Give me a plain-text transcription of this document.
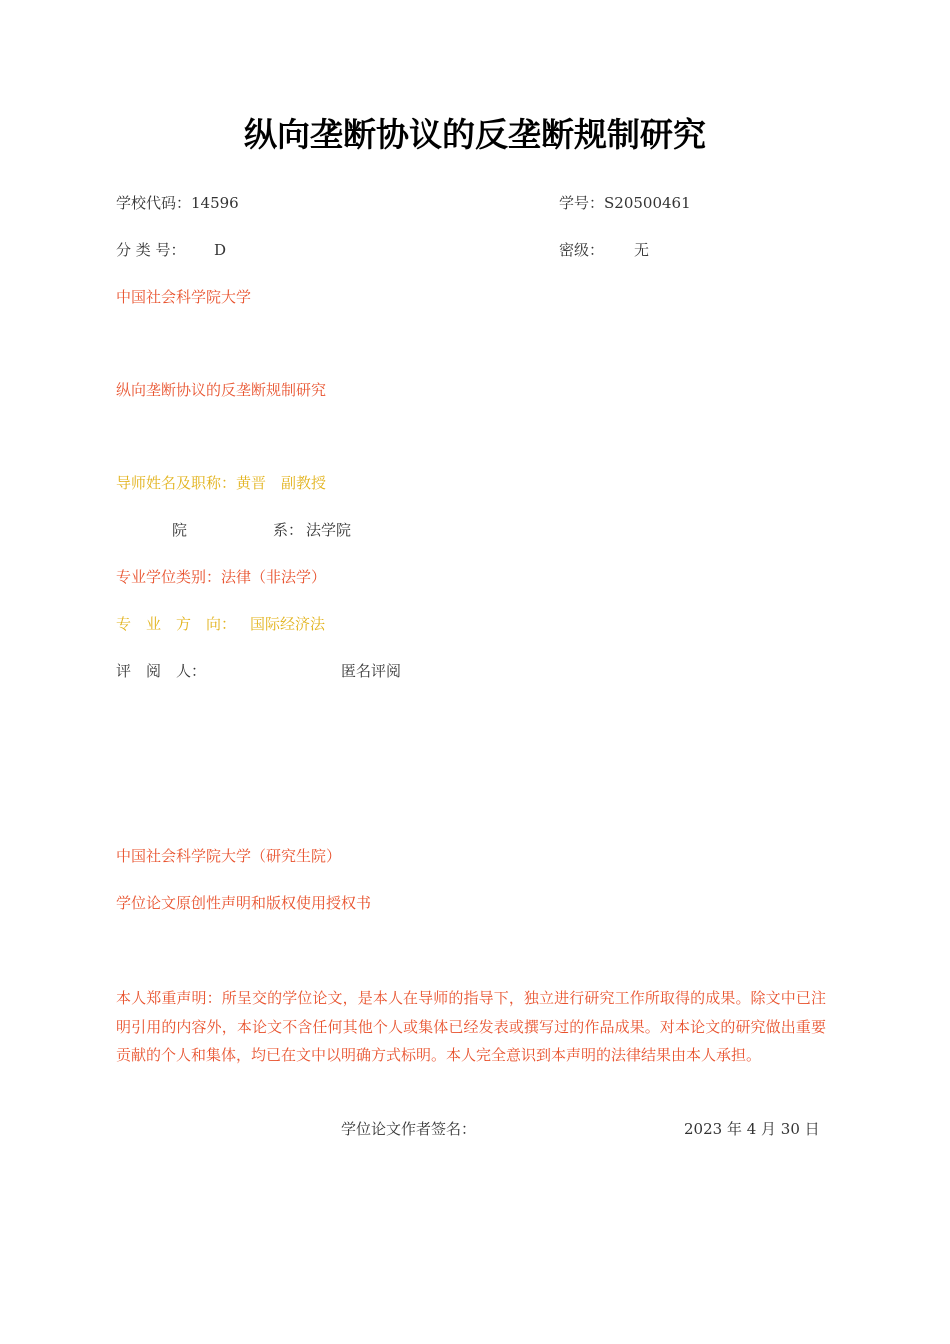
纵向垄断协议的反垄断规制研究
学校代码：14596	学号：S20500461
分 类 号： D	密级： 无
中国社会科学院大学
纵向垄断协议的反垄断规制研究
导师姓名及职称：黄晋　副教授
院	系： 法学院
专业学位类别：法律（非法学）
专　业　方　向： 国际经济法
评　阅　人：	匿名评阅
中国社会科学院大学（研究生院）
学位论文原创性声明和版权使用授权书
本人郑重声明：所呈交的学位论文，是本人在导师的指导下，独立进行研究工作所取得的成果。除文中已注明引用的内容外，本论文不含任何其他个人或集体已经发表或撰写过的作品成果。对本论文的研究做出重要贡献的个人和集体，均已在文中以明确方式标明。本人完全意识到本声明的法律结果由本人承担。
学位论文作者签名：	2023 年 4 月 30 日
